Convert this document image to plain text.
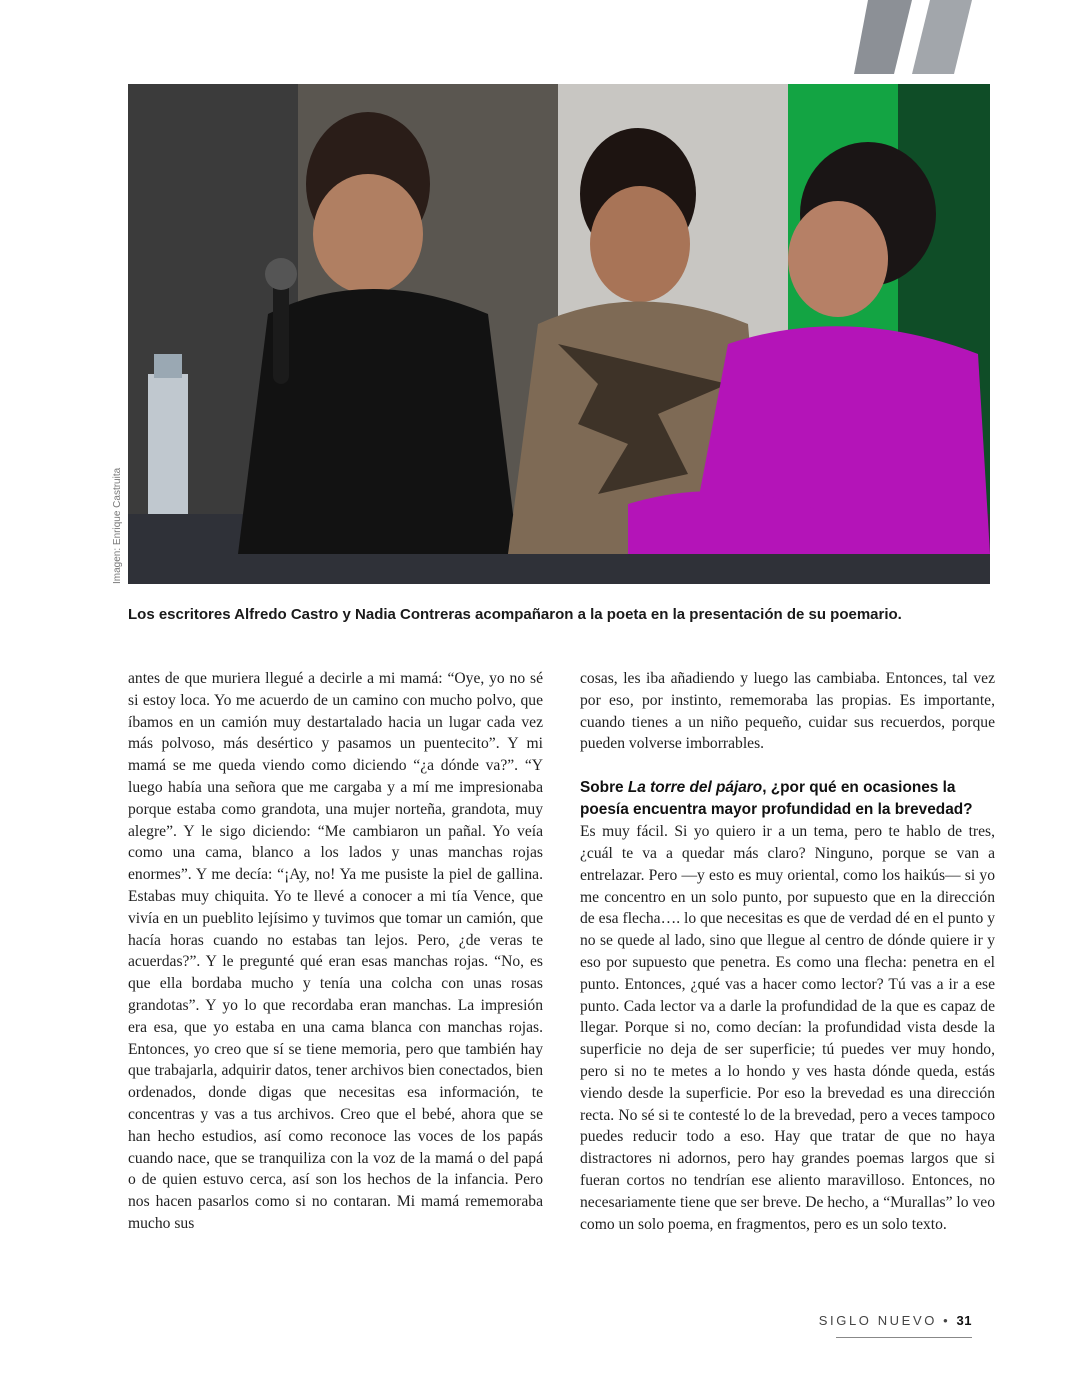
Imagen: Enrique Castruita
Los escritores Alfredo Castro y Nadia Contreras acompañaron a la poeta en la presentación de su poemario.

antes de que muriera llegué a decirle a mi mamá: “Oye, yo no sé si estoy loca. Yo me acuerdo de un camino con mucho polvo, que íbamos en un camión muy destartalado hacia un lugar cada vez más polvoso, más desértico y pasamos un puentecito”. Y mi mamá se me queda viendo como diciendo “¿a dónde va?”. “Y luego había una señora que me cargaba y a mí me impresionaba porque estaba como grandota, una mujer norteña, grandota, muy alegre”. Y le sigo diciendo: “Me cambiaron un pañal. Yo veía como una cama, blanco a los lados y unas manchas rojas enormes”. Y me decía: “¡Ay, no! Ya me pusiste la piel de gallina. Estabas muy chiquita. Yo te llevé a conocer a mi tía Vence, que vivía en un pueblito lejísimo y tuvimos que tomar un camión, que hacía horas cuando no estabas tan lejos. Pero, ¿de veras te acuerdas?”. Y le pregunté qué eran esas manchas rojas. “No, es que ella bordaba mucho y tenía una colcha con unas rosas grandotas”. Y yo lo que recordaba eran manchas. La impresión era esa, que yo estaba en una cama blanca con manchas rojas. Entonces, yo creo que sí se tiene memoria, pero que también hay que trabajarla, adquirir datos, tener archivos bien conectados, bien ordenados, donde digas que necesitas esa información, te concentras y vas a tus archivos. Creo que el bebé, ahora que se han hecho estudios, así como reconoce las voces de los papás cuando nace, que se tranquiliza con la voz de la mamá o del papá o de quien estuvo cerca, así son los hechos de la infancia. Pero nos hacen pasarlos como si no contaran. Mi mamá rememoraba mucho sus

cosas, les iba añadiendo y luego las cambiaba. Entonces, tal vez por eso, por instinto, rememoraba las propias. Es importante, cuando tienes a un niño pequeño, cuidar sus recuerdos, porque pueden volverse imborrables.

Sobre La torre del pájaro, ¿por qué en ocasiones la poesía encuentra mayor profundidad en la brevedad?

Es muy fácil. Si yo quiero ir a un tema, pero te hablo de tres, ¿cuál te va a quedar más claro? Ninguno, porque se van a entrelazar. Pero —y esto es muy oriental, como los haikús— si yo me concentro en un solo punto, por supuesto que en la dirección de esa flecha…. lo que necesitas es que de verdad dé en el punto y no se quede al lado, sino que llegue al centro de dónde quiere ir y eso por supuesto que penetra. Es como una flecha: penetra en el punto. Entonces, ¿qué vas a hacer como lector? Tú vas a ir a ese punto. Cada lector va a darle la profundidad de la que es capaz de llegar. Porque si no, como decían: la profundidad vista desde la superficie no deja de ser superficie; tú puedes ver muy hondo, pero si no te metes a lo hondo y ves hasta dónde queda, estás viendo desde la superficie. Por eso la brevedad es una dirección recta. No sé si te contesté lo de la brevedad, pero a veces tampoco puedes reducir todo a eso. Hay que tratar de que no haya distractores ni adornos, pero hay grandes poemas largos que si fueran cortos no tendrían ese aliento maravilloso. Entonces, no necesariamente tiene que ser breve. De hecho, a “Murallas” lo veo como un solo poema, en fragmentos, pero es un solo texto.

SIGLO NUEVO • 31
